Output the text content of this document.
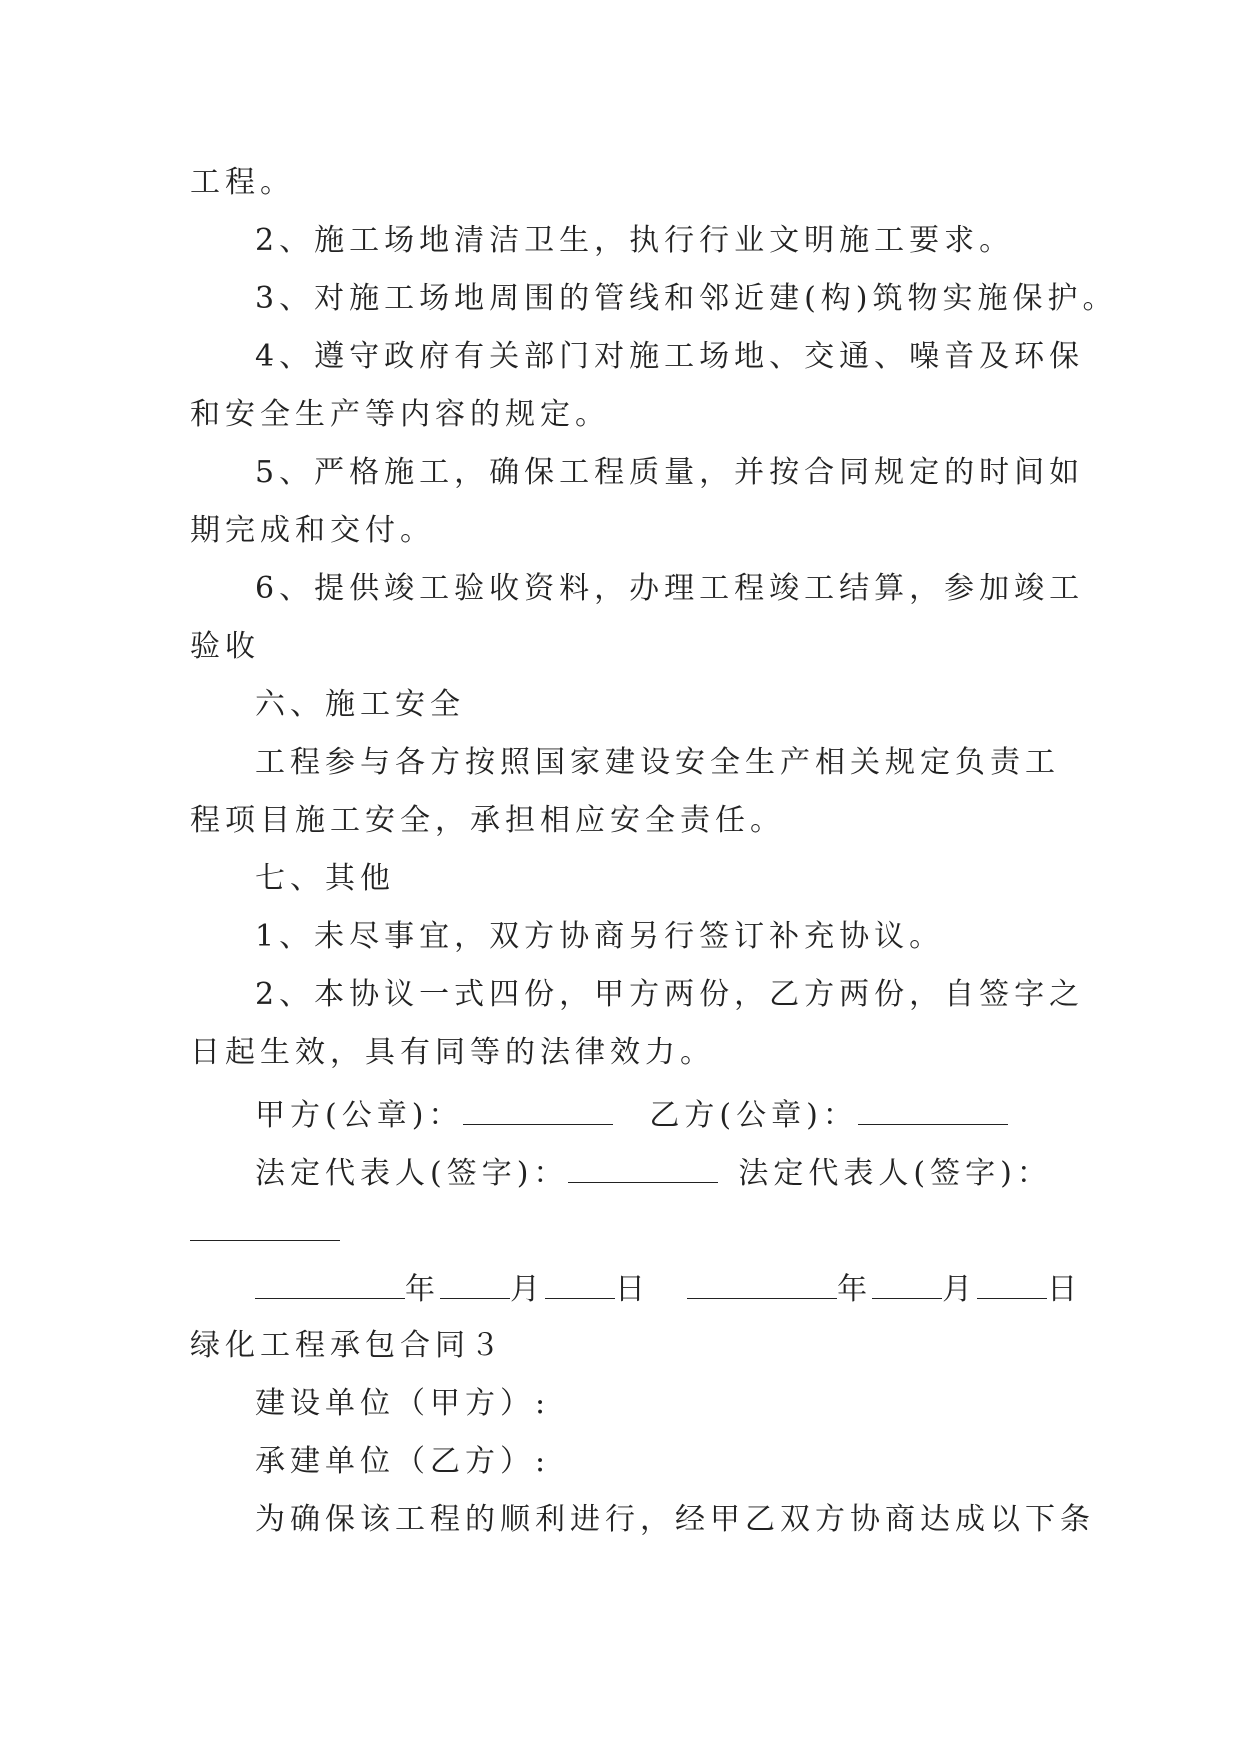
工程。
2、施工场地清洁卫生，执行行业文明施工要求。
3、对施工场地周围的管线和邻近建(构)筑物实施保护。
4、遵守政府有关部门对施工场地、交通、噪音及环保
和安全生产等内容的规定。
5、严格施工，确保工程质量，并按合同规定的时间如
期完成和交付。
6、提供竣工验收资料，办理工程竣工结算，参加竣工
验收
六、施工安全
工程参与各方按照国家建设安全生产相关规定负责工
程项目施工安全，承担相应安全责任。
七、其他
1、未尽事宜，双方协商另行签订补充协议。
2、本协议一式四份，甲方两份，乙方两份，自签字之
日起生效，具有同等的法律效力。
甲方(公章)：	乙方(公章)：
法定代表人(签字)：	法定代表人(签字)：
年 月 日	年 月 日
绿化工程承包合同３
建设单位（甲方）:
承建单位（乙方）:
为确保该工程的顺利进行，经甲乙双方协商达成以下条
